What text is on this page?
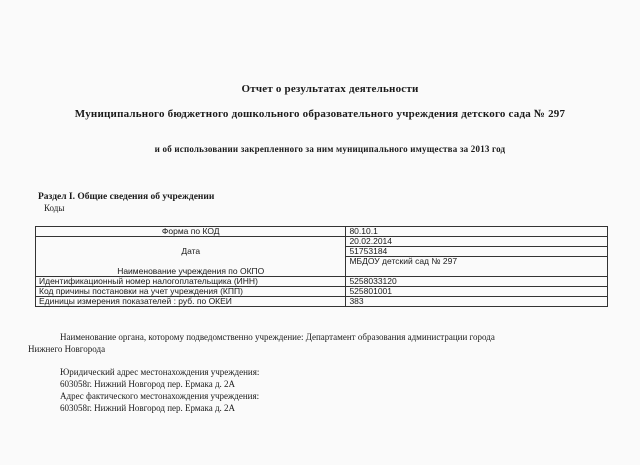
Отчет о результатах деятельности
Муниципального бюджетного дошкольного образовательного учреждения детского сада № 297
и об использовании закрепленного за ним муниципального имущества за 2013 год
Раздел I. Общие сведения об учреждении
Коды
Форма по КОД	80.10.1
	20.02.2014
Дата	51753184
Наименование учреждения по ОКПО	МБДОУ детский сад № 297
Идентификационный номер налогоплательщика (ИНН)	5258033120
Код причины постановки на учет учреждения (КПП)	525801001
Единицы измерения показателей : руб. по ОКЕИ	383
Наименование органа, которому подведомственно учреждение: Департамент образования администрации города
Нижнего Новгорода
Юридический адрес местонахождения учреждения:
603058г. Нижний Новгород пер. Ермака д. 2А
Адрес фактического местонахождения учреждения:
603058г. Нижний Новгород пер. Ермака д. 2А
